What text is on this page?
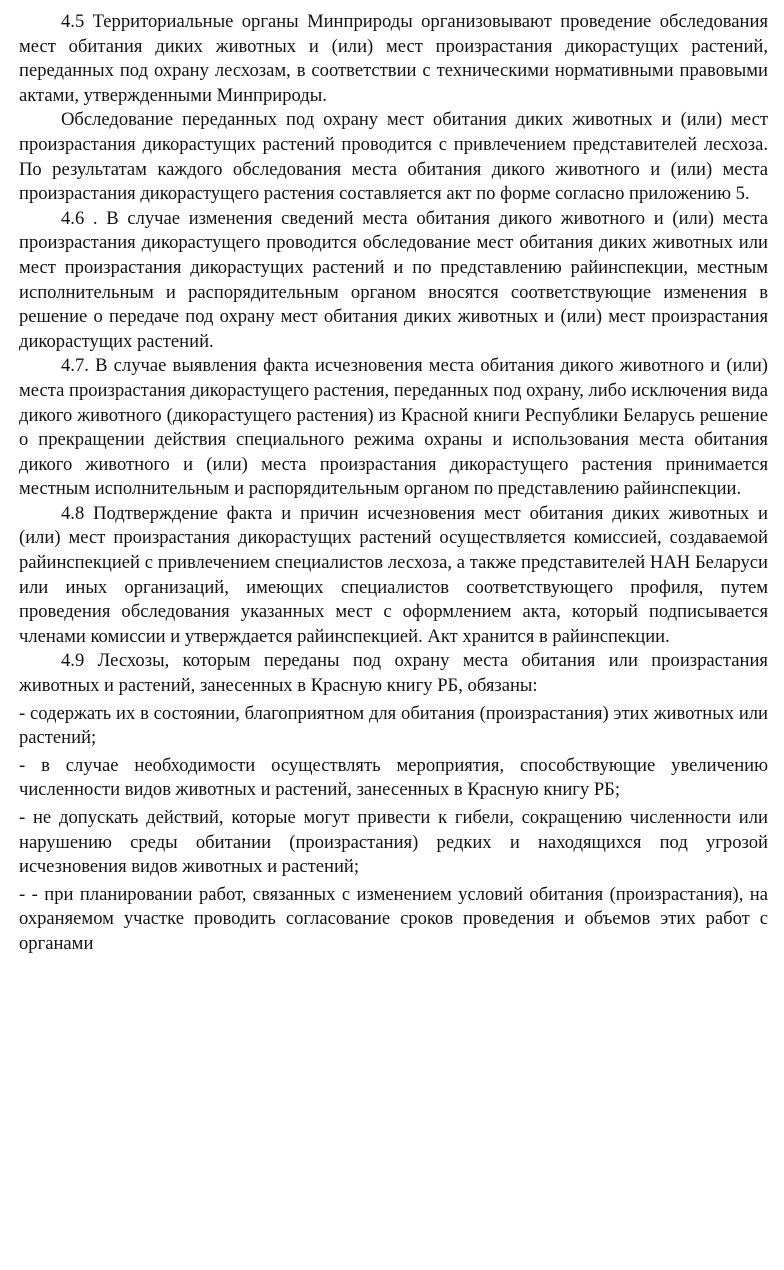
4.5 Территориальные органы Минприроды организовывают проведение обследования мест обитания диких животных и (или) мест произрастания дикорастущих растений, переданных под охрану лесхозам, в соответствии с техническими нормативными правовыми актами, утвержденными Минприроды.

Обследование переданных под охрану мест обитания диких животных и (или) мест произрастания дикорастущих растений проводится с привлечением представителей лесхоза. По результатам каждого обследования места обитания дикого животного и (или) места произрастания дикорастущего растения составляется акт по форме согласно приложению 5.

4.6 . В случае изменения сведений места обитания дикого животного и (или) места произрастания дикорастущего проводится обследование мест обитания диких животных или мест произрастания дикорастущих растений и по представлению райинспекции, местным исполнительным и распорядительным органом вносятся соответствующие изменения в решение о передаче под охрану мест обитания диких животных и (или) мест произрастания дикорастущих растений.

4.7. В случае выявления факта исчезновения места обитания дикого животного и (или) места произрастания дикорастущего растения, переданных под охрану, либо исключения вида дикого животного (дикорастущего растения) из Красной книги Республики Беларусь решение о прекращении действия специального режима охраны и использования места обитания дикого животного и (или) места произрастания дикорастущего растения принимается местным исполнительным и распорядительным органом по представлению райинспекции.

4.8 Подтверждение факта и причин исчезновения мест обитания диких животных и (или) мест произрастания дикорастущих растений осуществляется комиссией, создаваемой райинспекцией с привлечением специалистов лесхоза, а также представителей НАН Беларуси или иных организаций, имеющих специалистов соответствующего профиля, путем проведения обследования указанных мест с оформлением акта, который подписывается членами комиссии и утверждается райинспекцией. Акт хранится в райинспекции.

4.9 Лесхозы, которым переданы под охрану места обитания или произрастания животных и растений, занесенных в Красную книгу РБ, обязаны:

- содержать их в состоянии, благоприятном для обитания (произрастания) этих животных или растений;

- в случае необходимости осуществлять мероприятия, способствующие увеличению численности видов животных и растений, занесенных в Красную книгу РБ;

- не допускать действий, которые могут привести к гибели, сокращению численности или нарушению среды обитании (произрастания) редких и находящихся под угрозой исчезновения видов животных и растений;

- - при планировании работ, связанных с изменением условий обитания (произрастания), на охраняемом участке проводить согласование сроков проведения и объемов этих работ с органами
